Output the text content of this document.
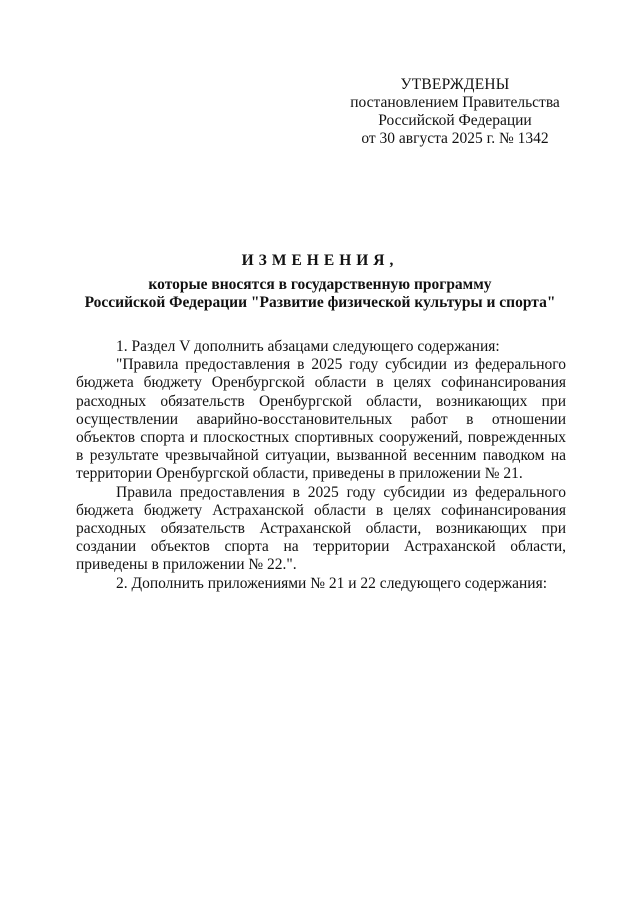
УТВЕРЖДЕНЫ
постановлением Правительства
Российской Федерации
от 30 августа 2025 г. № 1342
ИЗМЕНЕНИЯ,
которые вносятся в государственную программу
Российской Федерации "Развитие физической культуры и спорта"

1. Раздел V дополнить абзацами следующего содержания:

"Правила предоставления в 2025 году субсидии из федерального бюджета бюджету Оренбургской области в целях софинансирования расходных обязательств Оренбургской области, возникающих при осуществлении аварийно-восстановительных работ в отношении объектов спорта и плоскостных спортивных сооружений, поврежденных в результате чрезвычайной ситуации, вызванной весенним паводком на территории Оренбургской области, приведены в приложении № 21.

Правила предоставления в 2025 году субсидии из федерального бюджета бюджету Астраханской области в целях софинансирования расходных обязательств Астраханской области, возникающих при создании объектов спорта на территории Астраханской области, приведены в приложении № 22.".

2. Дополнить приложениями № 21 и 22 следующего содержания:
